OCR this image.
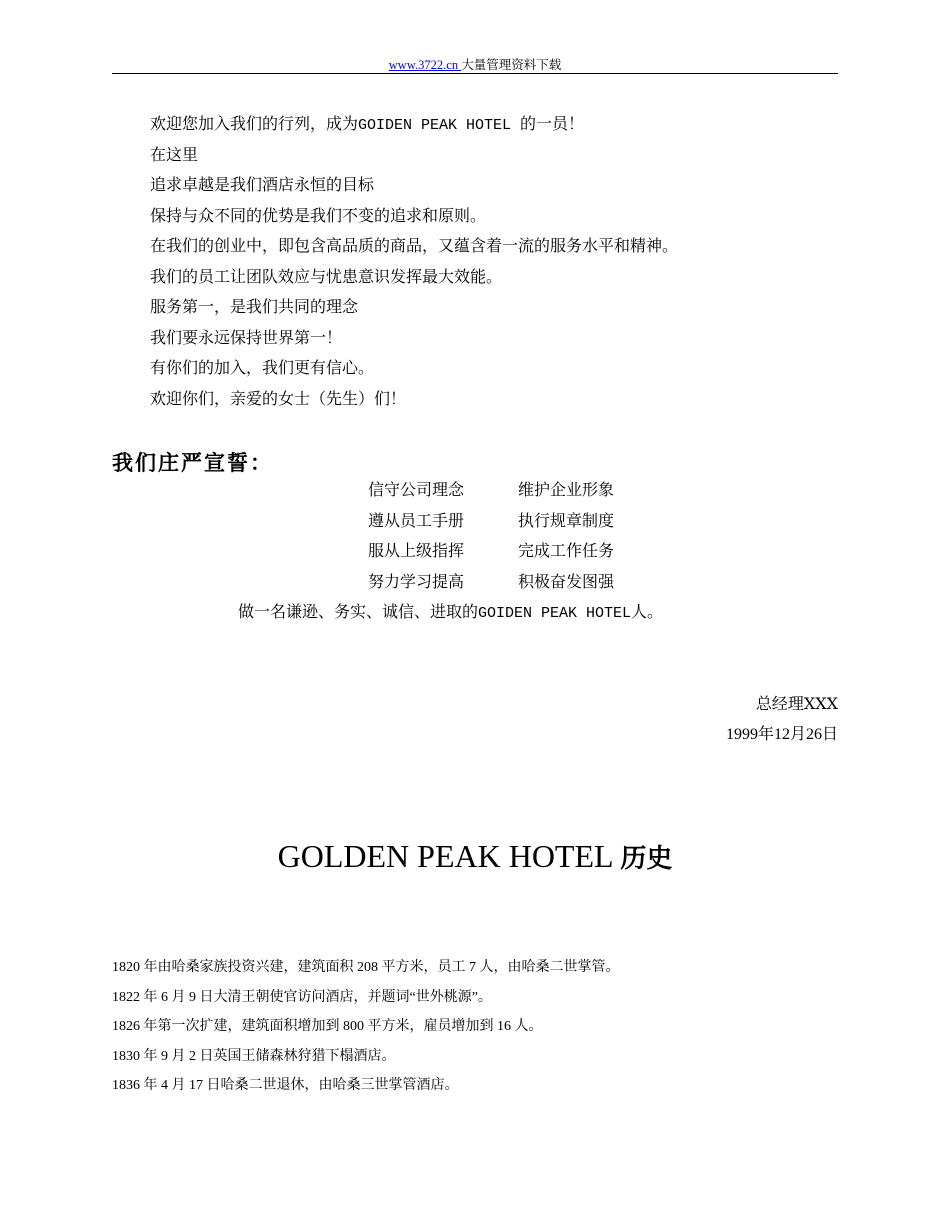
www.3722.cn 大量管理资料下载
欢迎您加入我们的行列，成为GOIDEN PEAK HOTEL 的一员！
在这里
追求卓越是我们酒店永恒的目标
保持与众不同的优势是我们不变的追求和原则。
在我们的创业中，即包含高品质的商品，又蕴含着一流的服务水平和精神。
我们的员工让团队效应与忧患意识发挥最大效能。
服务第一，是我们共同的理念
我们要永远保持世界第一！
有你们的加入，我们更有信心。
欢迎你们，亲爱的女士（先生）们！
我们庄严宣誓：
信守公司理念	维护企业形象
遵从员工手册	执行规章制度
服从上级指挥	完成工作任务
努力学习提高	积极奋发图强
做一名谦逊、务实、诚信、进取的GOIDEN PEAK HOTEL人。
总经理XXX
1999年12月26日
GOLDEN PEAK HOTEL 历史
1820 年由哈桑家族投资兴建，建筑面积 208 平方米，员工 7 人，由哈桑二世掌管。
1822 年 6 月 9 日大清王朝使官访问酒店，并题词“世外桃源”。
1826 年第一次扩建，建筑面积增加到 800 平方米，雇员增加到 16 人。
1830 年 9 月 2 日英国王储森林狩猎下榻酒店。
1836 年 4 月 17 日哈桑二世退休，由哈桑三世掌管酒店。
